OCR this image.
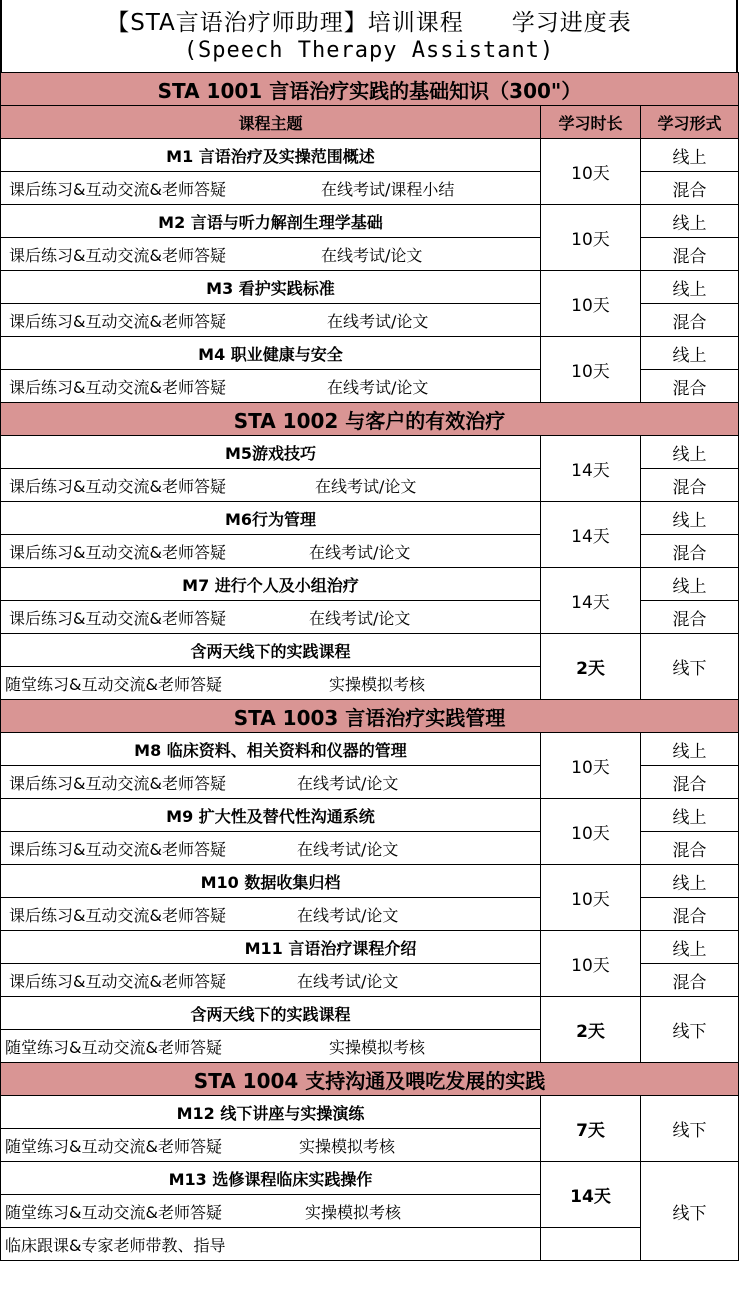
【STA言语治疗师助理】培训课程　　学习进度表
(Speech Therapy Assistant)
STA 1001 言语治疗实践的基础知识（300"）		
课程主题	学习时长	学习形式
M1 言语治疗及实操范围概述	10天	线上
课后练习&互动交流&老师答疑 在线考试/课程小结		混合
M2 言语与听力解剖生理学基础	10天	线上
课后练习&互动交流&老师答疑 在线考试/论文		混合
M3 看护实践标准	10天	线上
课后练习&互动交流&老师答疑 在线考试/论文		混合
M4 职业健康与安全	10天	线上
课后练习&互动交流&老师答疑 在线考试/论文		混合
STA 1002 与客户的有效治疗		
M5游戏技巧	14天	线上
课后练习&互动交流&老师答疑 在线考试/论文		混合
M6行为管理	14天	线上
课后练习&互动交流&老师答疑 在线考试/论文		混合
M7 进行个人及小组治疗	14天	线上
课后练习&互动交流&老师答疑 在线考试/论文		混合
含两天线下的实践课程	2天	线下
随堂练习&互动交流&老师答疑 实操模拟考核		
STA 1003 言语治疗实践管理		
M8 临床资料、相关资料和仪器的管理	10天	线上
课后练习&互动交流&老师答疑 在线考试/论文		混合
M9 扩大性及替代性沟通系统	10天	线上
课后练习&互动交流&老师答疑 在线考试/论文		混合
M10 数据收集归档	10天	线上
课后练习&互动交流&老师答疑 在线考试/论文		混合
M11 言语治疗课程介绍	10天	线上
课后练习&互动交流&老师答疑 在线考试/论文		混合
含两天线下的实践课程	2天	线下
随堂练习&互动交流&老师答疑 实操模拟考核		
STA 1004 支持沟通及喂吃发展的实践		
M12 线下讲座与实操演练	7天	线下
随堂练习&互动交流&老师答疑 实操模拟考核		
M13 选修课程临床实践操作	14天	线下
随堂练习&互动交流&老师答疑 实操模拟考核		
临床跟课&专家老师带教、指导		
